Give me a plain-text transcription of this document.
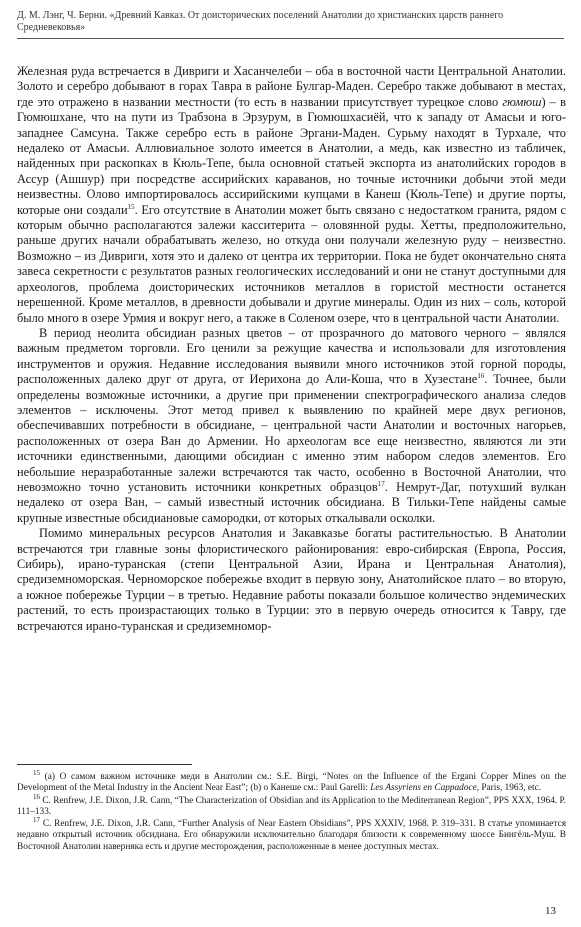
Д. М. Лэнг, Ч. Берни. «Древний Кавказ. От доисторических поселений Анатолии до христианских царств раннего Средневековья»

Железная руда встречается в Дивриги и Хасанчелеби – оба в восточной части Центральной Анатолии. Золото и серебро добывают в горах Тавра в районе Булгар-Маден. Серебро также добывают в местах, где это отражено в названии местности (то есть в названии присутствует турецкое слово гюмюш) – в Гюмюшхане, что на пути из Трабзона в Эрзурум, в Гюмюшхасиёй, что к западу от Амасьи и юго-западнее Самсуна. Также серебро есть в районе Эргани-Маден. Сурьму находят в Турхале, что недалеко от Амасьи. Аллювиальное золото имеется в Анатолии, а медь, как известно из табличек, найденных при раскопках в Кюль-Тепе, была основной статьей экспорта из анатолийских городов в Ассур (Ашшур) при посредстве ассирийских караванов, но точные источники добычи этой меди неизвестны. Олово импортировалось ассирийскими купцами в Канеш (Кюль-Тепе) и другие порты, которые они создали$^{15}$. Его отсутствие в Анатолии может быть связано с недостатком гранита, рядом с которым обычно располагаются залежи касситерита – оловянной руды. Хетты, предположительно, раньше других начали обрабатывать железо, но откуда они получали железную руду – неизвестно. Возможно – из Дивриги, хотя это и далеко от центра их территории. Пока не будет окончательно снята завеса секретности с результатов разных геологических исследований и они не станут доступными для археологов, проблема доисторических источников металлов в гористой местности останется нерешенной. Кроме металлов, в древности добывали и другие минералы. Один из них – соль, которой было много в озере Урмия и вокруг него, а также в Соленом озере, что в центральной части Анатолии.

В период неолита обсидиан разных цветов – от прозрачного до матового черного – являлся важным предметом торговли. Его ценили за режущие качества и использовали для изготовления инструментов и оружия. Недавние исследования выявили много источников этой горной породы, расположенных далеко друг от друга, от Иерихона до Али-Коша, что в Хузестане$^{16}$. Точнее, были определены возможные источники, а другие при применении спектрографического анализа следов элементов – исключены. Этот метод привел к выявлению по крайней мере двух регионов, обеспечивавших потребности в обсидиане, – центральной части Анатолии и восточных нагорьев, расположенных от озера Ван до Армении. Но археологам все еще неизвестно, являются ли эти источники единственными, дающими обсидиан с именно этим набором следов элементов. Его небольшие неразработанные залежи встречаются так часто, особенно в Восточной Анатолии, что невозможно точно установить источники конкретных образцов$^{17}$. Немрут-Даг, потухший вулкан недалеко от озера Ван, – самый известный источник обсидиана. В Тильки-Тепе найдены самые крупные известные обсидиановые самородки, от которых откалывали осколки.

Помимо минеральных ресурсов Анатолия и Закавказье богаты растительностью. В Анатолии встречаются три главные зоны флористического районирования: евро-сибирская (Европа, Россия, Сибирь), ирано-туранская (степи Центральной Азии, Ирана и Центральная Анатолия), средиземноморская. Черноморское побережье входит в первую зону, Анатолийское плато – во вторую, а южное побережье Турции – в третью. Недавние работы показали большое количество эндемических растений, то есть произрастающих только в Турции: это в первую очередь относится к Тавру, где встречаются ирано-туранская и средиземномор-

$^{15}$ (а) О самом важном источнике меди в Анатолии см.: S.E. Birgi, “Notes on the Influence of the Ergani Copper Mines on the Development of the Metal Industry in the Ancient Near East”; (b) о Канеше см.: Paul Garelli: Les Assyriens en Cappadoce, Paris, 1963, etc.

$^{16}$ C. Renfrew, J.E. Dixon, J.R. Cann, “The Characterization of Obsidian and its Application to the Mediterranean Region”, PPS XXX, 1964. P. 111–133.

$^{17}$ C. Renfrew, J.E. Dixon, J.R. Cann, “Further Analysis of Near Eastern Obsidians”, PPS XXXIV, 1968. P. 319–331. В статье упоминается недавно открытый источник обсидиана. Его обнаружили исключительно благодаря близости к современному шоссе Бингёль-Муш. В Восточной Анатолии наверняка есть и другие месторождения, расположенные в менее доступных местах.

13
